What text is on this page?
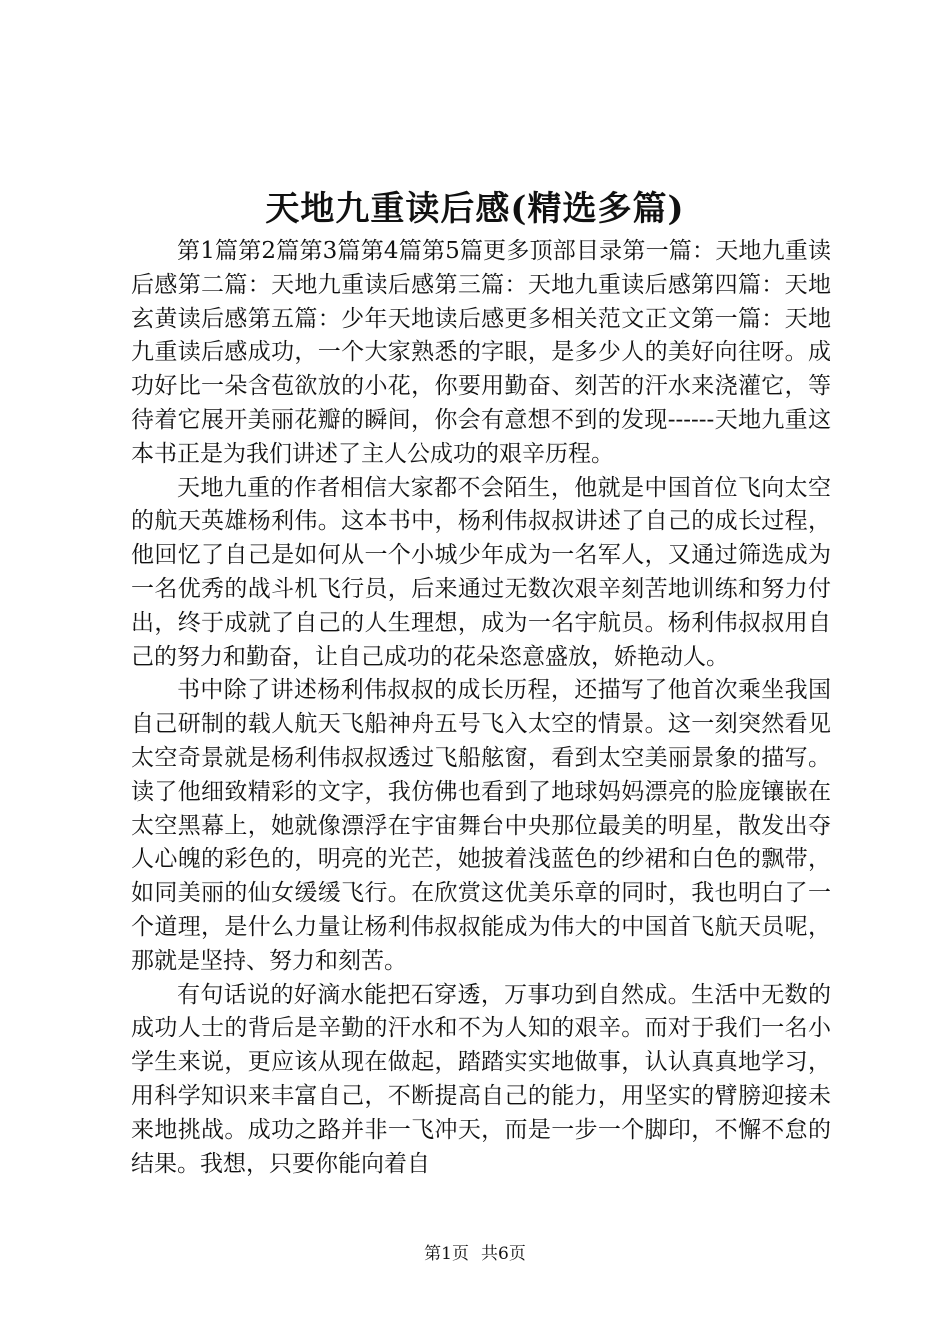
天地九重读后感(精选多篇)

第1篇第2篇第3篇第4篇第5篇更多顶部目录第一篇：天地九重读后感第二篇：天地九重读后感第三篇：天地九重读后感第四篇：天地玄黄读后感第五篇：少年天地读后感更多相关范文正文第一篇：天地九重读后感成功，一个大家熟悉的字眼，是多少人的美好向往呀。成功好比一朵含苞欲放的小花，你要用勤奋、刻苦的汗水来浇灌它，等待着它展开美丽花瓣的瞬间，你会有意想不到的发现------天地九重这本书正是为我们讲述了主人公成功的艰辛历程。

天地九重的作者相信大家都不会陌生，他就是中国首位飞向太空的航天英雄杨利伟。这本书中，杨利伟叔叔讲述了自己的成长过程，他回忆了自己是如何从一个小城少年成为一名军人，又通过筛选成为一名优秀的战斗机飞行员，后来通过无数次艰辛刻苦地训练和努力付出，终于成就了自己的人生理想，成为一名宇航员。杨利伟叔叔用自己的努力和勤奋，让自己成功的花朵恣意盛放，娇艳动人。

书中除了讲述杨利伟叔叔的成长历程，还描写了他首次乘坐我国自己研制的载人航天飞船神舟五号飞入太空的情景。这一刻突然看见太空奇景就是杨利伟叔叔透过飞船舷窗，看到太空美丽景象的描写。读了他细致精彩的文字，我仿佛也看到了地球妈妈漂亮的脸庞镶嵌在太空黑幕上，她就像漂浮在宇宙舞台中央那位最美的明星，散发出夺人心魄的彩色的，明亮的光芒，她披着浅蓝色的纱裙和白色的飘带，如同美丽的仙女缓缓飞行。在欣赏这优美乐章的同时，我也明白了一个道理，是什么力量让杨利伟叔叔能成为伟大的中国首飞航天员呢，那就是坚持、努力和刻苦。

有句话说的好滴水能把石穿透，万事功到自然成。生活中无数的成功人士的背后是辛勤的汗水和不为人知的艰辛。而对于我们一名小学生来说，更应该从现在做起，踏踏实实地做事，认认真真地学习，用科学知识来丰富自己，不断提高自己的能力，用坚实的臂膀迎接未来地挑战。成功之路并非一飞冲天，而是一步一个脚印，不懈不怠的结果。我想，只要你能向着自

第1页 共6页
